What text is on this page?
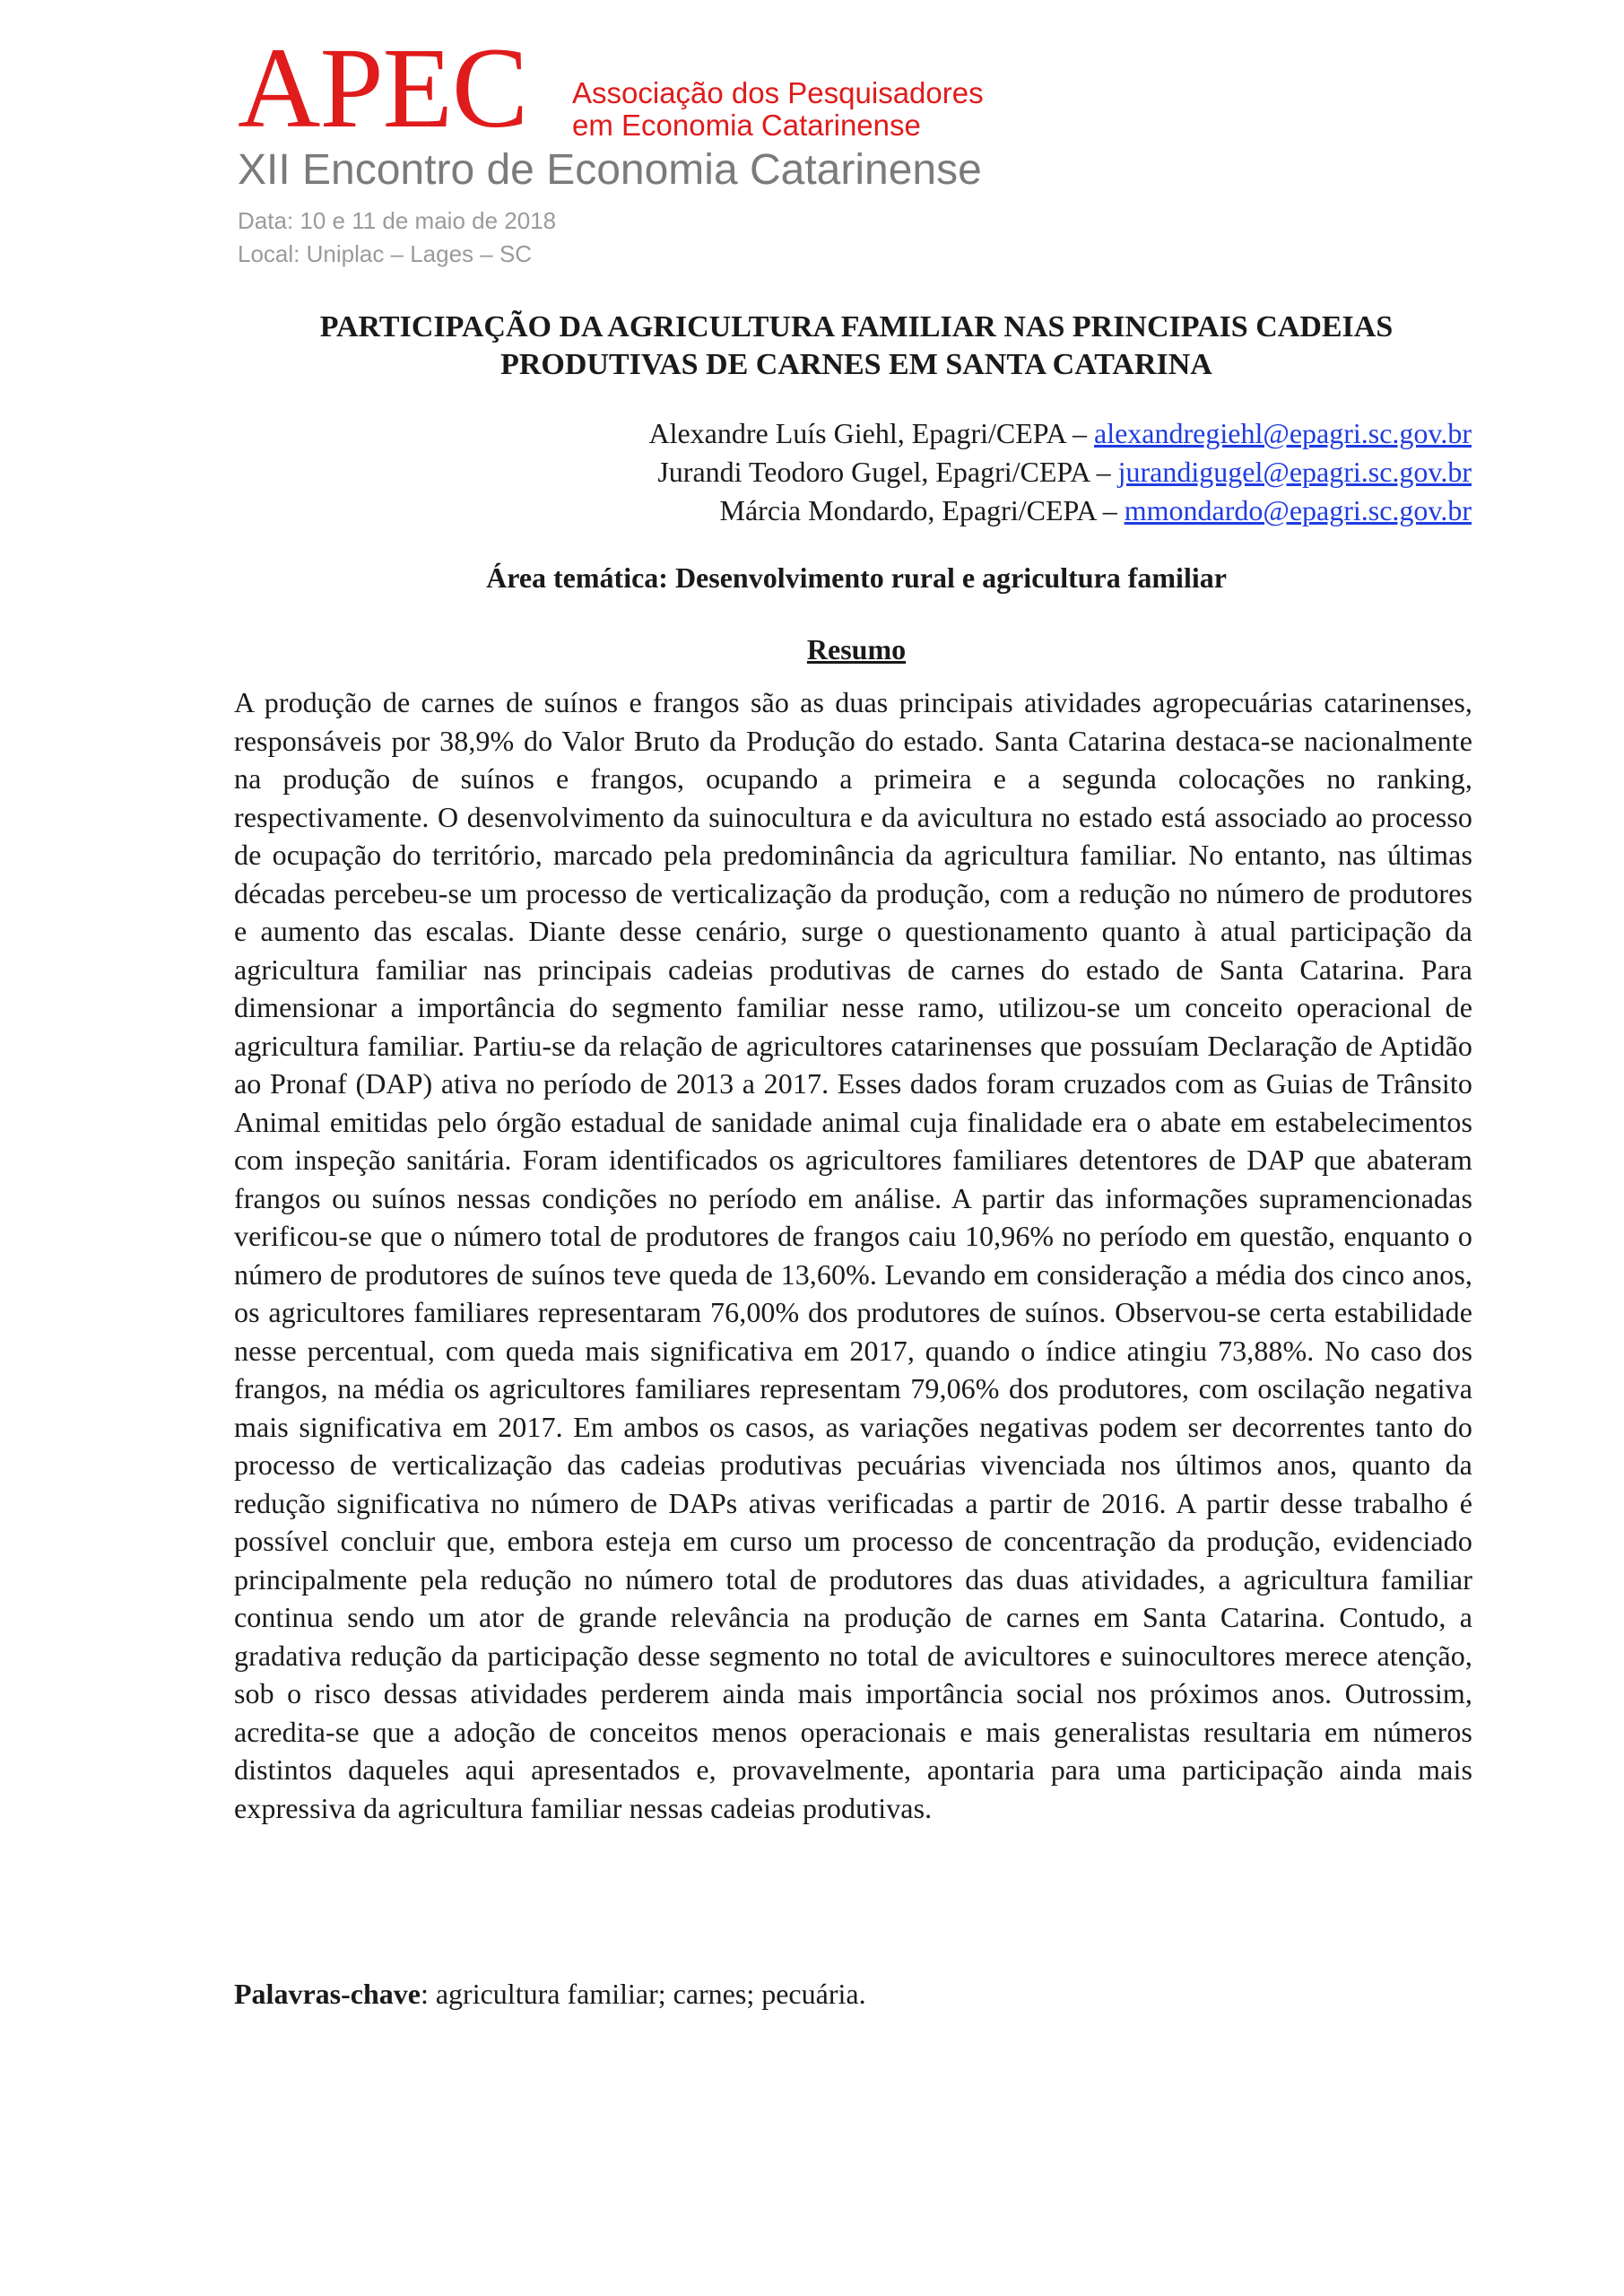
APEC Associação dos Pesquisadores
em Economia Catarinense
XII Encontro de Economia Catarinense
Data: 10 e 11 de maio de 2018
Local: Uniplac – Lages – SC
PARTICIPAÇÃO DA AGRICULTURA FAMILIAR NAS PRINCIPAIS CADEIAS
PRODUTIVAS DE CARNES EM SANTA CATARINA
Alexandre Luís Giehl, Epagri/CEPA – alexandregiehl@epagri.sc.gov.br
Jurandi Teodoro Gugel, Epagri/CEPA – jurandigugel@epagri.sc.gov.br
Márcia Mondardo, Epagri/CEPA – mmondardo@epagri.sc.gov.br
Área temática: Desenvolvimento rural e agricultura familiar
Resumo

A produção de carnes de suínos e frangos são as duas principais atividades agropecuárias catarinenses, responsáveis por 38,9% do Valor Bruto da Produção do estado. Santa Catarina destaca-se nacionalmente na produção de suínos e frangos, ocupando a primeira e a segunda colocações no ranking, respectivamente. O desenvolvimento da suinocultura e da avicultura no estado está associado ao processo de ocupação do território, marcado pela predominância da agricultura familiar. No entanto, nas últimas décadas percebeu-se um processo de verticalização da produção, com a redução no número de produtores e aumento das escalas. Diante desse cenário, surge o questionamento quanto à atual participação da agricultura familiar nas principais cadeias produtivas de carnes do estado de Santa Catarina. Para dimensionar a importância do segmento familiar nesse ramo, utilizou-se um conceito operacional de agricultura familiar. Partiu-se da relação de agricultores catarinenses que possuíam Declaração de Aptidão ao Pronaf (DAP) ativa no período de 2013 a 2017. Esses dados foram cruzados com as Guias de Trânsito Animal emitidas pelo órgão estadual de sanidade animal cuja finalidade era o abate em estabelecimentos com inspeção sanitária. Foram identificados os agricultores familiares detentores de DAP que abateram frangos ou suínos nessas condições no período em análise. A partir das informações supramencionadas verificou-se que o número total de produtores de frangos caiu 10,96% no período em questão, enquanto o número de produtores de suínos teve queda de 13,60%. Levando em consideração a média dos cinco anos, os agricultores familiares representaram 76,00% dos produtores de suínos. Observou-se certa estabilidade nesse percentual, com queda mais significativa em 2017, quando o índice atingiu 73,88%. No caso dos frangos, na média os agricultores familiares representam 79,06% dos produtores, com oscilação negativa mais significativa em 2017. Em ambos os casos, as variações negativas podem ser decorrentes tanto do processo de verticalização das cadeias produtivas pecuárias vivenciada nos últimos anos, quanto da redução significativa no número de DAPs ativas verificadas a partir de 2016. A partir desse trabalho é possível concluir que, embora esteja em curso um processo de concentração da produção, evidenciado principalmente pela redução no número total de produtores das duas atividades, a agricultura familiar continua sendo um ator de grande relevância na produção de carnes em Santa Catarina. Contudo, a gradativa redução da participação desse segmento no total de avicultores e suinocultores merece atenção, sob o risco dessas atividades perderem ainda mais importância social nos próximos anos. Outrossim, acredita-se que a adoção de conceitos menos operacionais e mais generalistas resultaria em números distintos daqueles aqui apresentados e, provavelmente, apontaria para uma participação ainda mais expressiva da agricultura familiar nessas cadeias produtivas.

Palavras-chave: agricultura familiar; carnes; pecuária.
